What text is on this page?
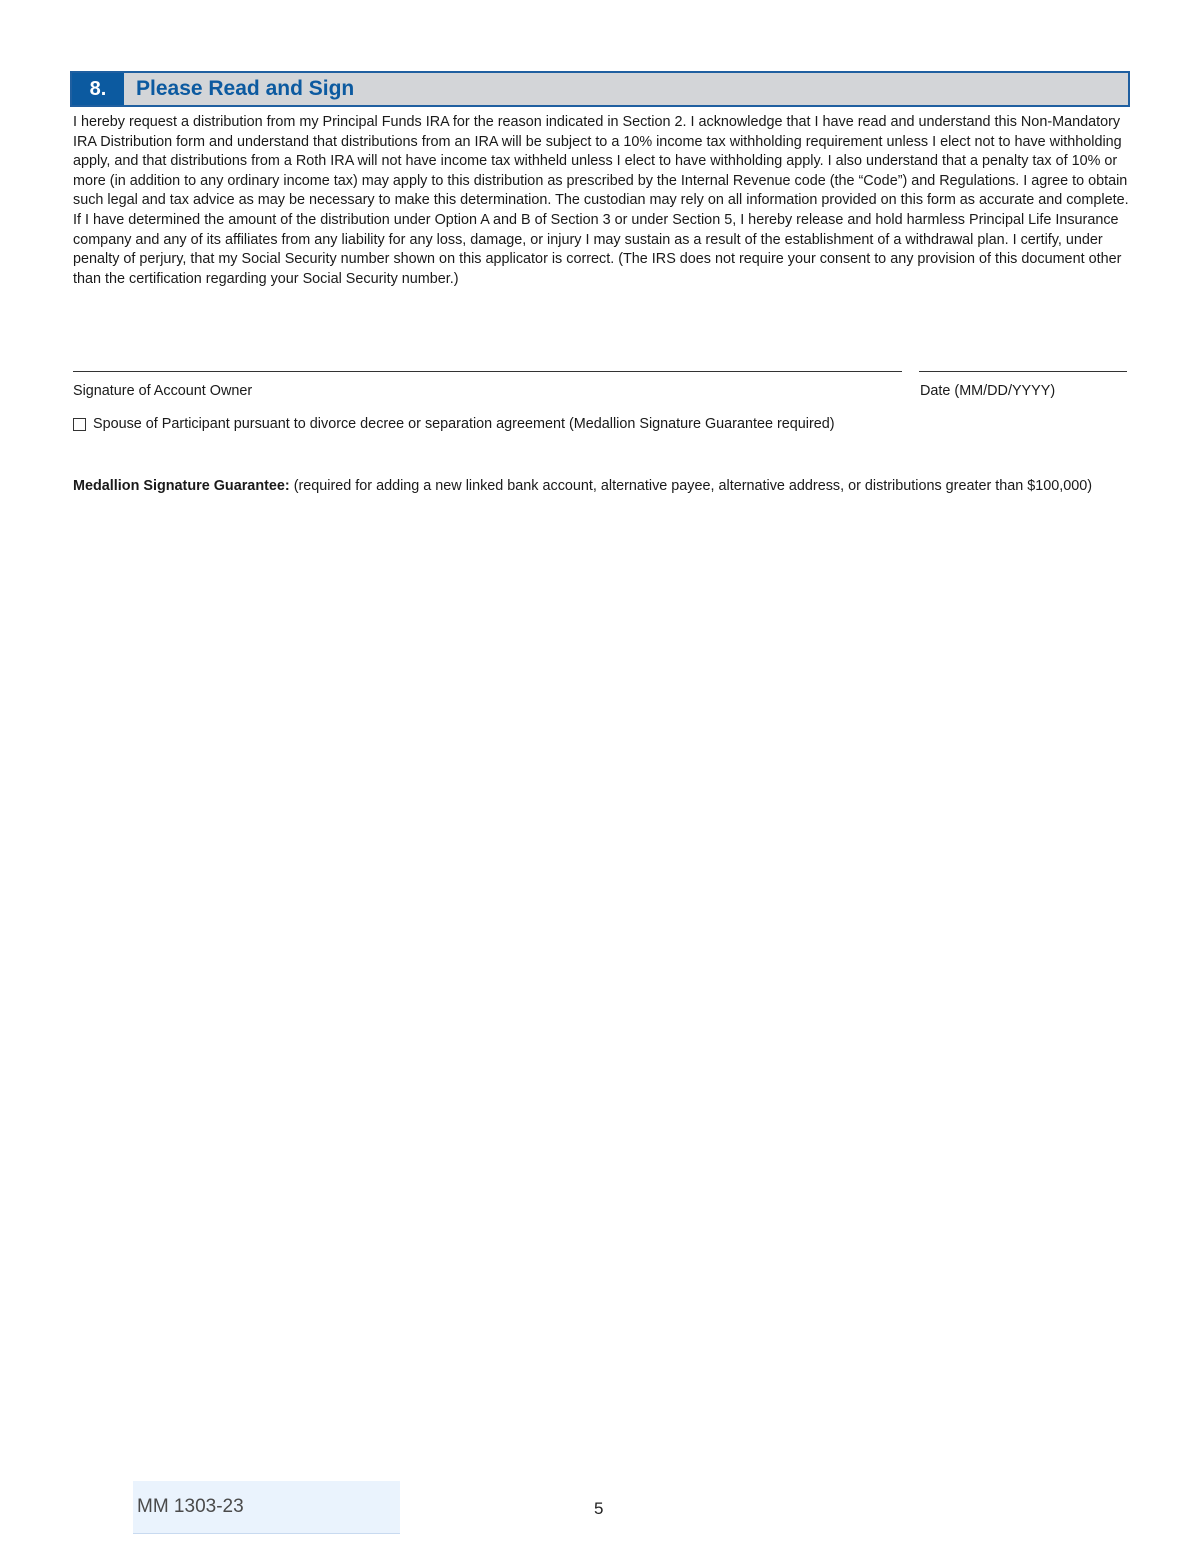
8.	Please Read and Sign
I hereby request a distribution from my Principal Funds IRA for the reason indicated in Section 2. I acknowledge that I have read and understand this Non-Mandatory IRA Distribution form and understand that distributions from an IRA will be subject to a 10% income tax withholding requirement unless I elect not to have withholding apply, and that distributions from a Roth IRA will not have income tax withheld unless I elect to have withholding apply. I also understand that a penalty tax of 10% or more (in addition to any ordinary income tax) may apply to this distribution as prescribed by the Internal Revenue code (the “Code”) and Regulations. I agree to obtain such legal and tax advice as may be necessary to make this determination. The custodian may rely on all information provided on this form as accurate and complete. If I have determined the amount of the distribution under Option A and B of Section 3 or under Section 5, I hereby release and hold harmless Principal Life Insurance company and any of its affiliates from any liability for any loss, damage, or injury I may sustain as a result of the establishment of a withdrawal plan. I certify, under penalty of perjury, that my Social Security number shown on this applicator is correct. (The IRS does not require your consent to any provision of this document other than the certification regarding your Social Security number.)
Signature of Account Owner	Date (MM/DD/YYYY)
Spouse of Participant pursuant to divorce decree or separation agreement (Medallion Signature Guarantee required)
Medallion Signature Guarantee: (required for adding a new linked bank account, alternative payee, alternative address, or distributions greater than $100,000)
MM 1303-23	5
